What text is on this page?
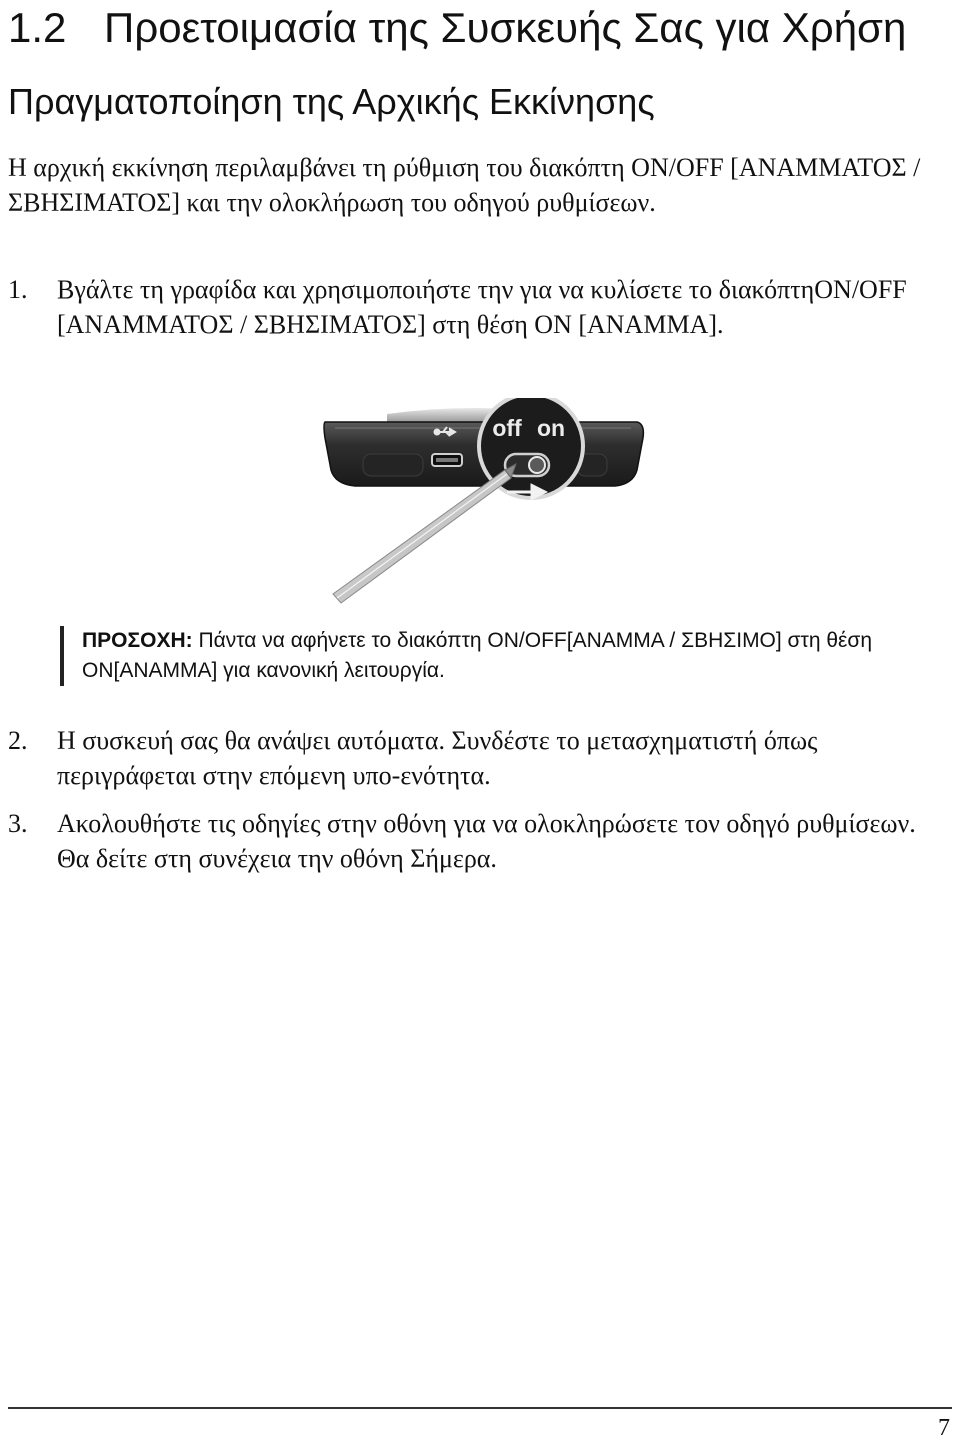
1.2 Προετοιμασία της Συσκευής Σας για Χρήση
Πραγματοποίηση της Αρχικής Εκκίνησης

Η αρχική εκκίνηση περιλαμβάνει τη ρύθμιση του διακόπτη ON/OFF [ΑΝΑΜΜΑΤΟΣ / ΣΒΗΣΙΜΑΤΟΣ] και την ολοκλήρωση του οδηγού ρυθμίσεων.

1. Βγάλτε τη γραφίδα και χρησιμοποιήστε την για να κυλίσετε το διακόπτηON/OFF [ΑΝΑΜΜΑΤΟΣ / ΣΒΗΣΙΜΑΤΟΣ] στη θέση ON [ΑΝΑΜΜΑ].
off on
ΠΡΟΣΟΧΗ: Πάντα να αφήνετε το διακόπτη ON/OFF[ΑΝΑΜΜΑ / ΣΒΗΣΙΜΟ] στη θέση ON[ΑΝΑΜΜΑ] για κανονική λειτουργία.
2. Η συσκευή σας θα ανάψει αυτόματα. Συνδέστε το μετασχηματιστή όπως περιγράφεται στην επόμενη υπο-ενότητα.
3. Ακολουθήστε τις οδηγίες στην οθόνη για να ολοκληρώσετε τον οδηγό ρυθμίσεων. Θα δείτε στη συνέχεια την οθόνη Σήμερα.
7
